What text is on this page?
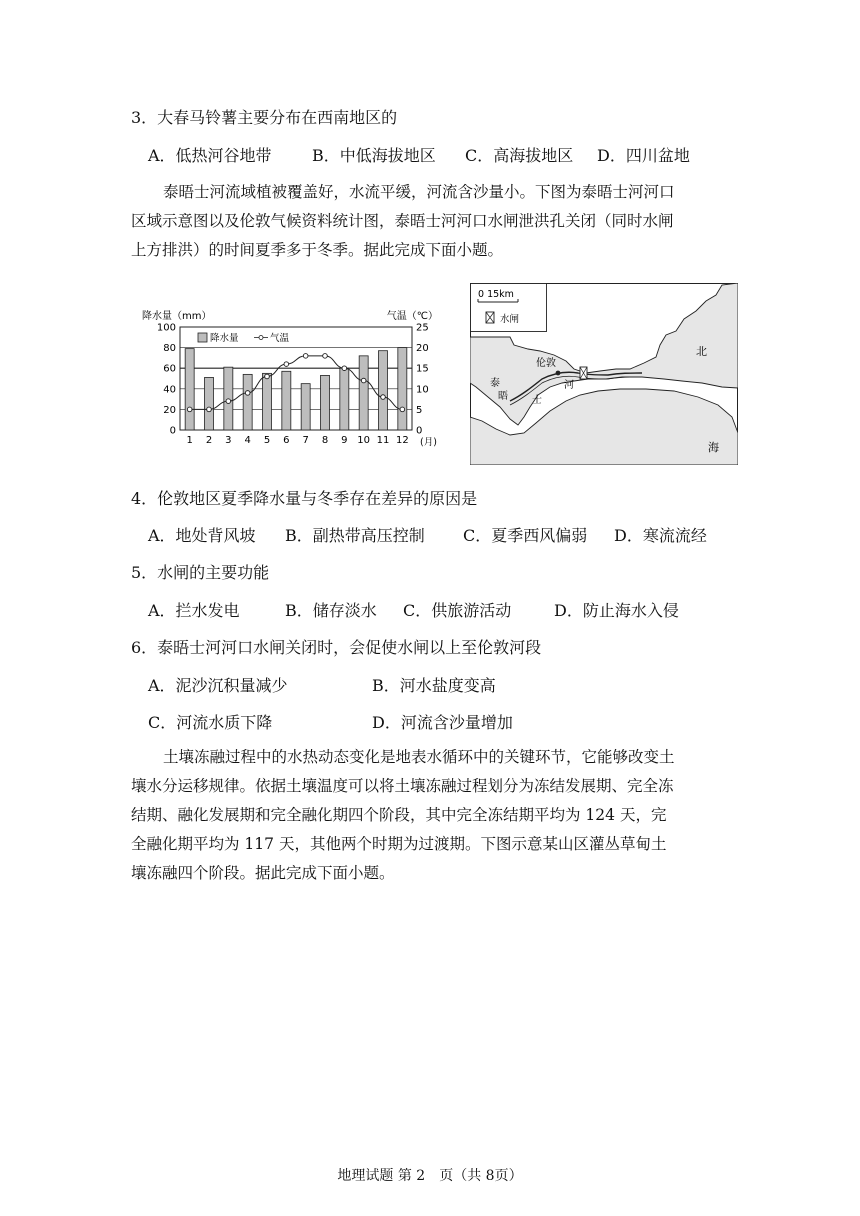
3．大春马铃薯主要分布在西南地区的
A．低热河谷地带	B．中低海拔地区 C．高海拔地区 D．四川盆地
泰晤士河流域植被覆盖好，水流平缓，河流含沙量小。下图为泰晤士河河口
区域示意图以及伦敦气候资料统计图，泰晤士河河口水闸泄洪孔关闭（同时水闸
上方排洪）的时间夏季多于冬季。据此完成下面小题。
降水量（mm）	气温（℃）
0
20
40
60
80
100
0
5
10
15
20
25
1 2 3 4 5 6 7 8 9 10 11 12
降水量	气温
(月)
0 15km
水闸
伦敦
泰
晤 士
河
北
海
4．伦敦地区夏季降水量与冬季存在差异的原因是
A．地处背风坡 B．副热带高压控制 C．夏季西风偏弱 D．寒流流经
5．水闸的主要功能
A．拦水发电	B．储存淡水 C．供旅游活动	D．防止海水入侵
6．泰晤士河河口水闸关闭时，会促使水闸以上至伦敦河段
A．泥沙沉积量减少	B．河水盐度变高
C．河流水质下降	D．河流含沙量增加
土壤冻融过程中的水热动态变化是地表水循环中的关键环节，它能够改变土
壤水分运移规律。依据土壤温度可以将土壤冻融过程划分为冻结发展期、完全冻
结期、融化发展期和完全融化期四个阶段，其中完全冻结期平均为 124 天，完
全融化期平均为 117 天，其他两个时期为过渡期。下图示意某山区灌丛草甸土
壤冻融四个阶段。据此完成下面小题。
地理试题 第 2　页（共 8页）
